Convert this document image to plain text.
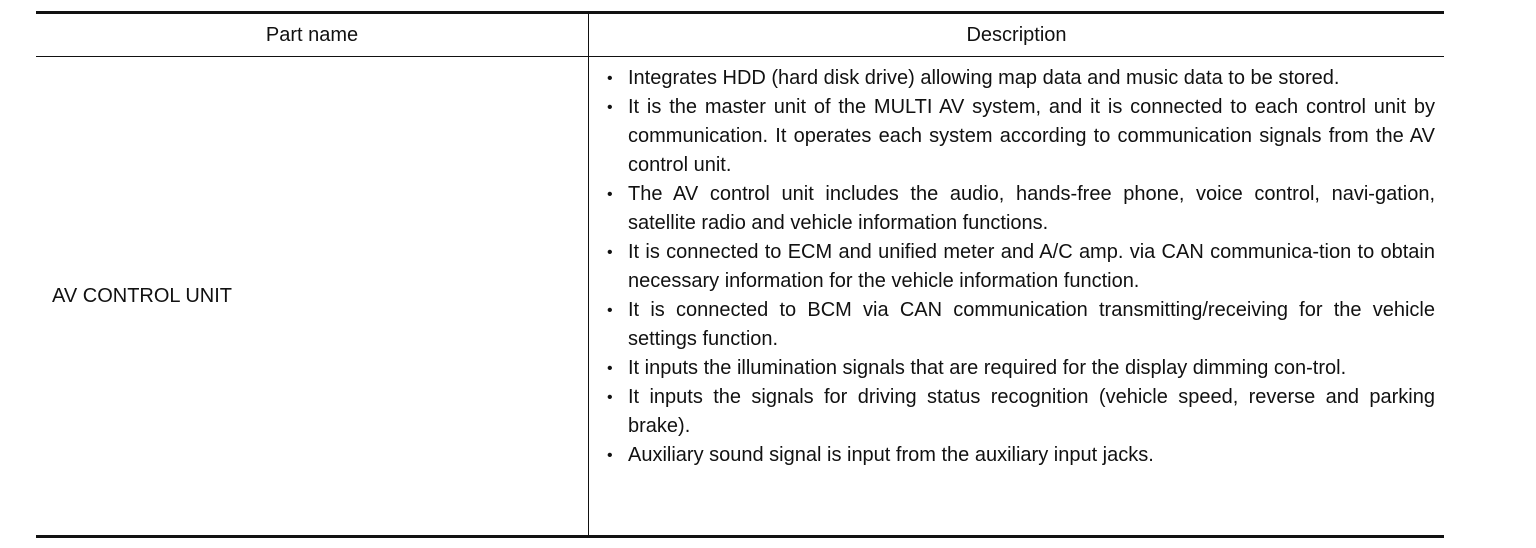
Part name	Description
AV CONTROL UNIT
• Integrates HDD (hard disk drive) allowing map data and music data to be stored.
• It is the master unit of the MULTI AV system, and it is connected to each control unit by communication. It operates each system according to communication signals from the AV control unit.
• The AV control unit includes the audio, hands-free phone, voice control, navi-gation, satellite radio and vehicle information functions.
• It is connected to ECM and unified meter and A/C amp. via CAN communica-tion to obtain necessary information for the vehicle information function.
• It is connected to BCM via CAN communication transmitting/receiving for the vehicle settings function.
• It inputs the illumination signals that are required for the display dimming con-trol.
• It inputs the signals for driving status recognition (vehicle speed, reverse and parking brake).
• Auxiliary sound signal is input from the auxiliary input jacks.
